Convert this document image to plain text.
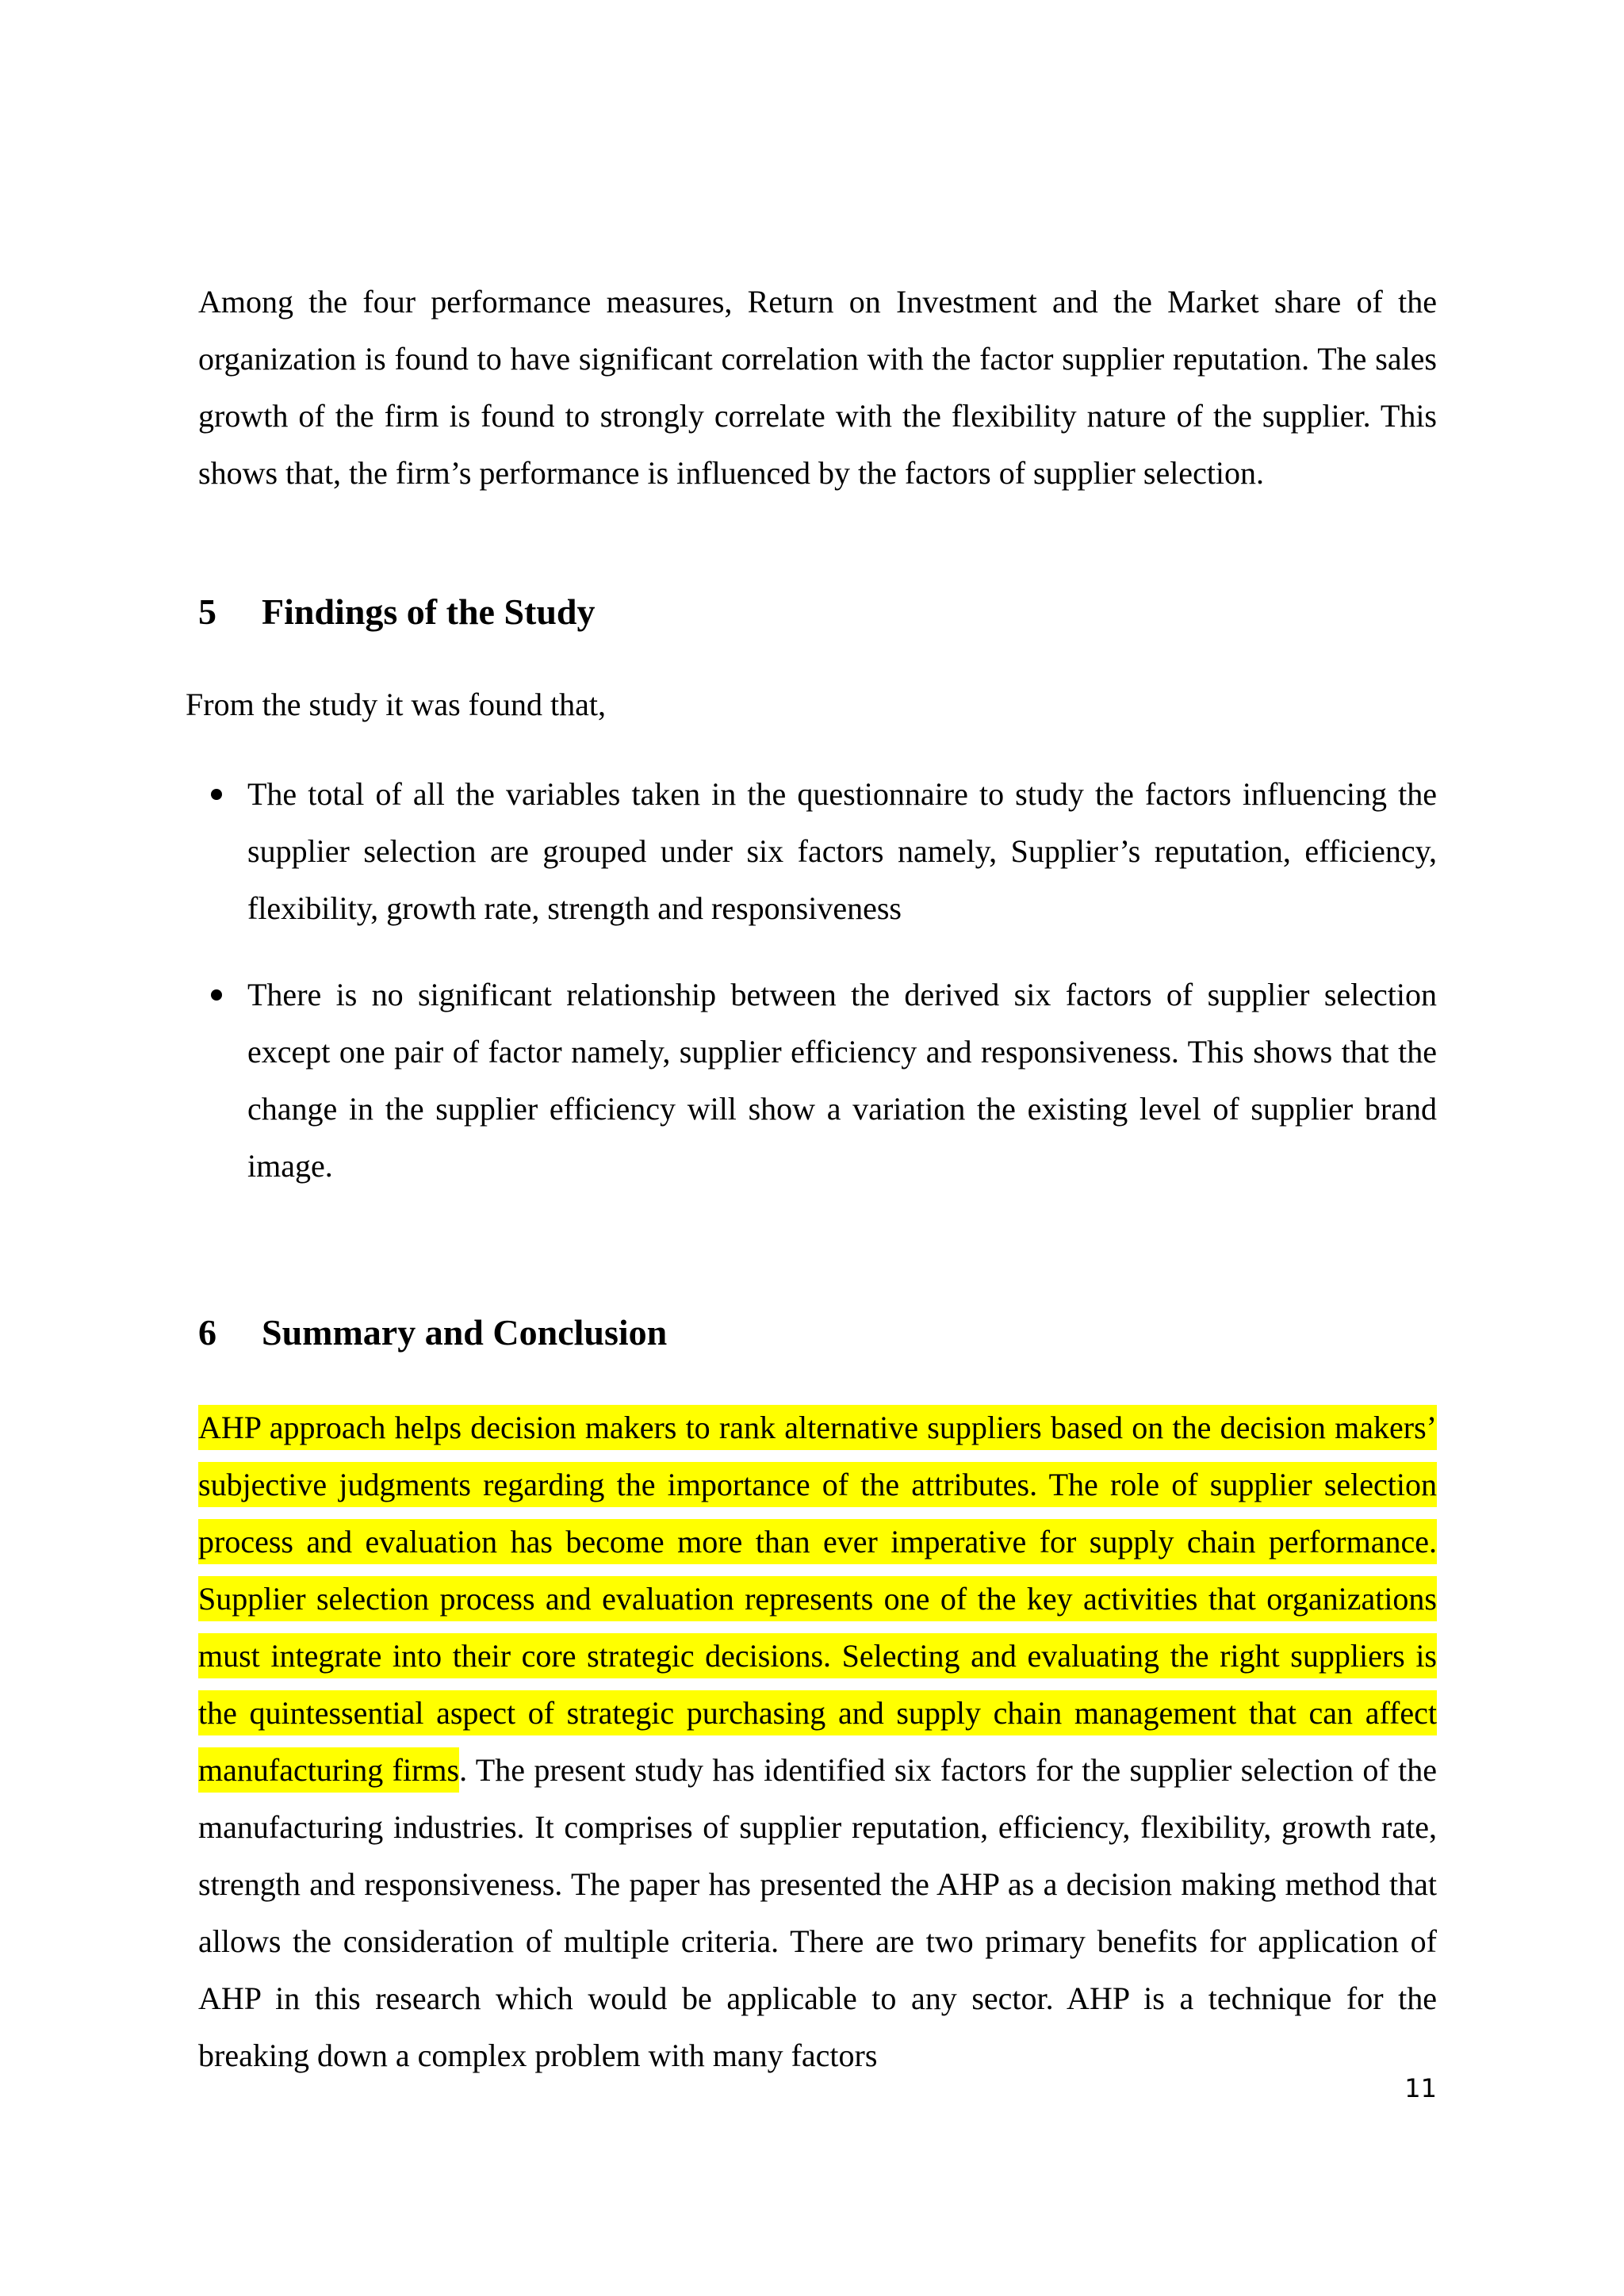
Among the four performance measures, Return on Investment and the Market share of the organization is found to have significant correlation with the factor supplier reputation. The sales growth of the firm is found to strongly correlate with the flexibility nature of the supplier. This shows that, the firm’s performance is influenced by the factors of supplier selection.

5 Findings of the Study

From the study it was found that,

The total of all the variables taken in the questionnaire to study the factors influencing the supplier selection are grouped under six factors namely, Supplier’s reputation, efficiency, flexibility, growth rate, strength and responsiveness
There is no significant relationship between the derived six factors of supplier selection except one pair of factor namely, supplier efficiency and responsiveness. This shows that the change in the supplier efficiency will show a variation the existing level of supplier brand image.
6 Summary and Conclusion

AHP approach helps decision makers to rank alternative suppliers based on the decision makers’ subjective judgments regarding the importance of the attributes. The role of supplier selection process and evaluation has become more than ever imperative for supply chain performance. Supplier selection process and evaluation represents one of the key activities that organizations must integrate into their core strategic decisions. Selecting and evaluating the right suppliers is the quintessential aspect of strategic purchasing and supply chain management that can affect manufacturing firms. The present study has identified six factors for the supplier selection of the manufacturing industries. It comprises of supplier reputation, efficiency, flexibility, growth rate, strength and responsiveness. The paper has presented the AHP as a decision making method that allows the consideration of multiple criteria. There are two primary benefits for application of AHP in this research which would be applicable to any sector. AHP is a technique for the breaking down a complex problem with many factors

11
